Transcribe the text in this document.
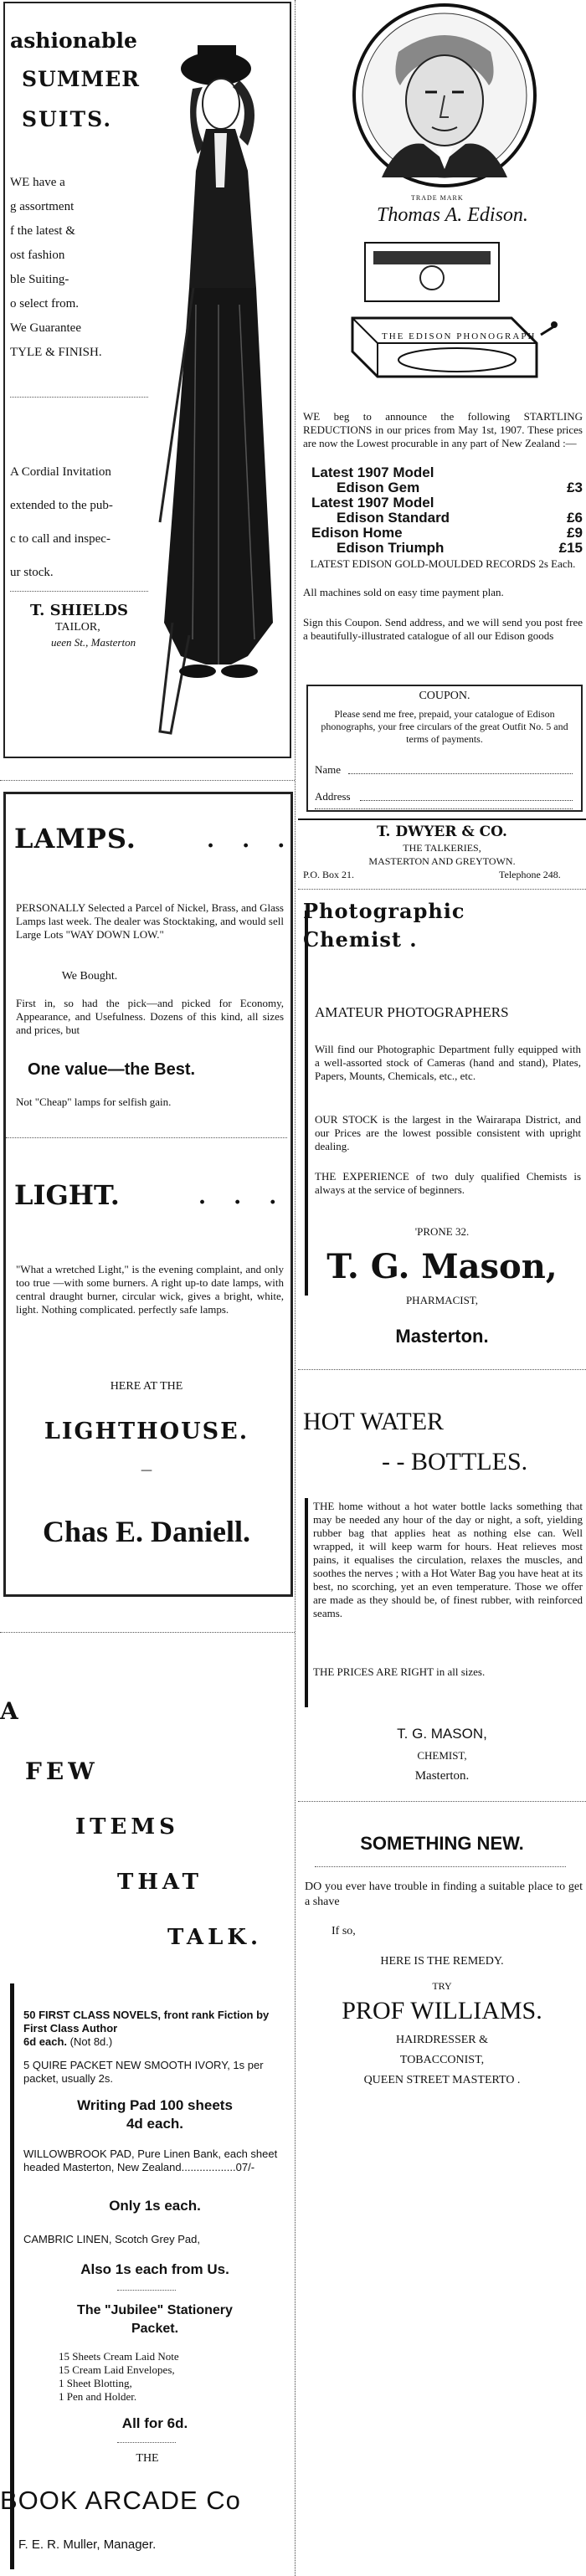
ashionable
SUMMER
SUITS.
WE have a
g assortment
f the latest &
ost fashion
ble Suiting-
o select from.
We Guarantee
TYLE & FINISH.
A Cordial Invitation
extended to the pub-
c to call and inspec-
ur stock.
T. SHIELDS
TAILOR,
ueen St., Masterton
LAMPS.	. . .
PERSONALLY Selected a Parcel of Nickel, Brass, and Glass Lamps last week. The dealer was Stocktaking, and would sell Large Lots "WAY DOWN LOW."
We Bought.
First in, so had the pick—and picked for Economy, Appearance, and Usefulness. Dozens of this kind, all sizes and prices, but
One value—the Best.
Not "Cheap" lamps for selfish gain.
LIGHT.	. . .
"What a wretched Light," is the evening complaint, and only too true —with some burners. A right up-to date lamps, with central draught burner, circular wick, gives a bright, white, light. Nothing complicated. perfectly safe lamps.
HERE AT THE
LIGHTHOUSE.
—
Chas E. Daniell.
A
FEW
ITEMS
THAT
TALK.
50 FIRST CLASS NOVELS, front rank Fiction by First Class Author
6d each. (Not 8d.)
5 QUIRE PACKET NEW SMOOTH IVORY, 1s per packet, usually 2s.
Writing Pad 100 sheets
4d each.
WILLOWBROOK PAD, Pure Linen Bank, each sheet headed Masterton, New Zealand..................07/-
Only 1s each.
CAMBRIC LINEN, Scotch Grey Pad,
Also 1s each from Us.
The "Jubilee" Stationery
Packet.
15 Sheets Cream Laid Note
15 Cream Laid Envelopes,
1 Sheet Blotting,
1 Pen and Holder.
All for 6d.
THE
BOOK ARCADE Co
F. E. R. Muller, Manager.
TRADE MARK
Thomas A. Edison.
THE EDISON PHONOGRAPH
WE beg to announce the following STARTLING REDUCTIONS in our prices from May 1st, 1907. These prices are now the Lowest procurable in any part of New Zealand :—
Latest 1907 Model
Edison Gem	£3
Latest 1907 Model
Edison Standard	£6
Edison Home	£9
Edison Triumph	£15
LATEST EDISON GOLD-MOULDED RECORDS 2s Each.
All machines sold on easy time payment plan.
Sign this Coupon. Send address, and we will send you post free a beautifully-illustrated catalogue of all our Edison goods
COUPON.
Please send me free, prepaid, your catalogue of Edison phonographs, your free circulars of the great Outfit No. 5 and terms of payments.
Name
Address
T. DWYER & CO.
THE TALKERIES,
MASTERTON AND GREYTOWN.
P.O. Box 21.	Telephone 248.
Photographic
Chemist .
AMATEUR PHOTOGRAPHERS
Will find our Photographic Department fully equipped with a well-assorted stock of Cameras (hand and stand), Plates, Papers, Mounts, Chemicals, etc., etc.
OUR STOCK is the largest in the Wairarapa District, and our Prices are the lowest possible consistent with upright dealing.
THE EXPERIENCE of two duly qualified Chemists is always at the service of beginners.
'PRONE 32.
T. G. Mason,
PHARMACIST,
Masterton.
HOT WATER
- - BOTTLES.
THE home without a hot water bottle lacks something that may be needed any hour of the day or night, a soft, yielding rubber bag that applies heat as nothing else can. Well wrapped, it will keep warm for hours. Heat relieves most pains, it equalises the circulation, relaxes the muscles, and soothes the nerves ; with a Hot Water Bag you have heat at its best, no scorching, yet an even temperature. Those we offer are made as they should be, of finest rubber, with reinforced seams.
THE PRICES ARE RIGHT in all sizes.
T. G. MASON,
CHEMIST,
Masterton.
SOMETHING NEW.
DO you ever have trouble in finding a suitable place to get a shave
If so,
HERE IS THE REMEDY.
TRY
PROF WILLIAMS.
HAIRDRESSER &
TOBACCONIST,
QUEEN STREET MASTERTO .
